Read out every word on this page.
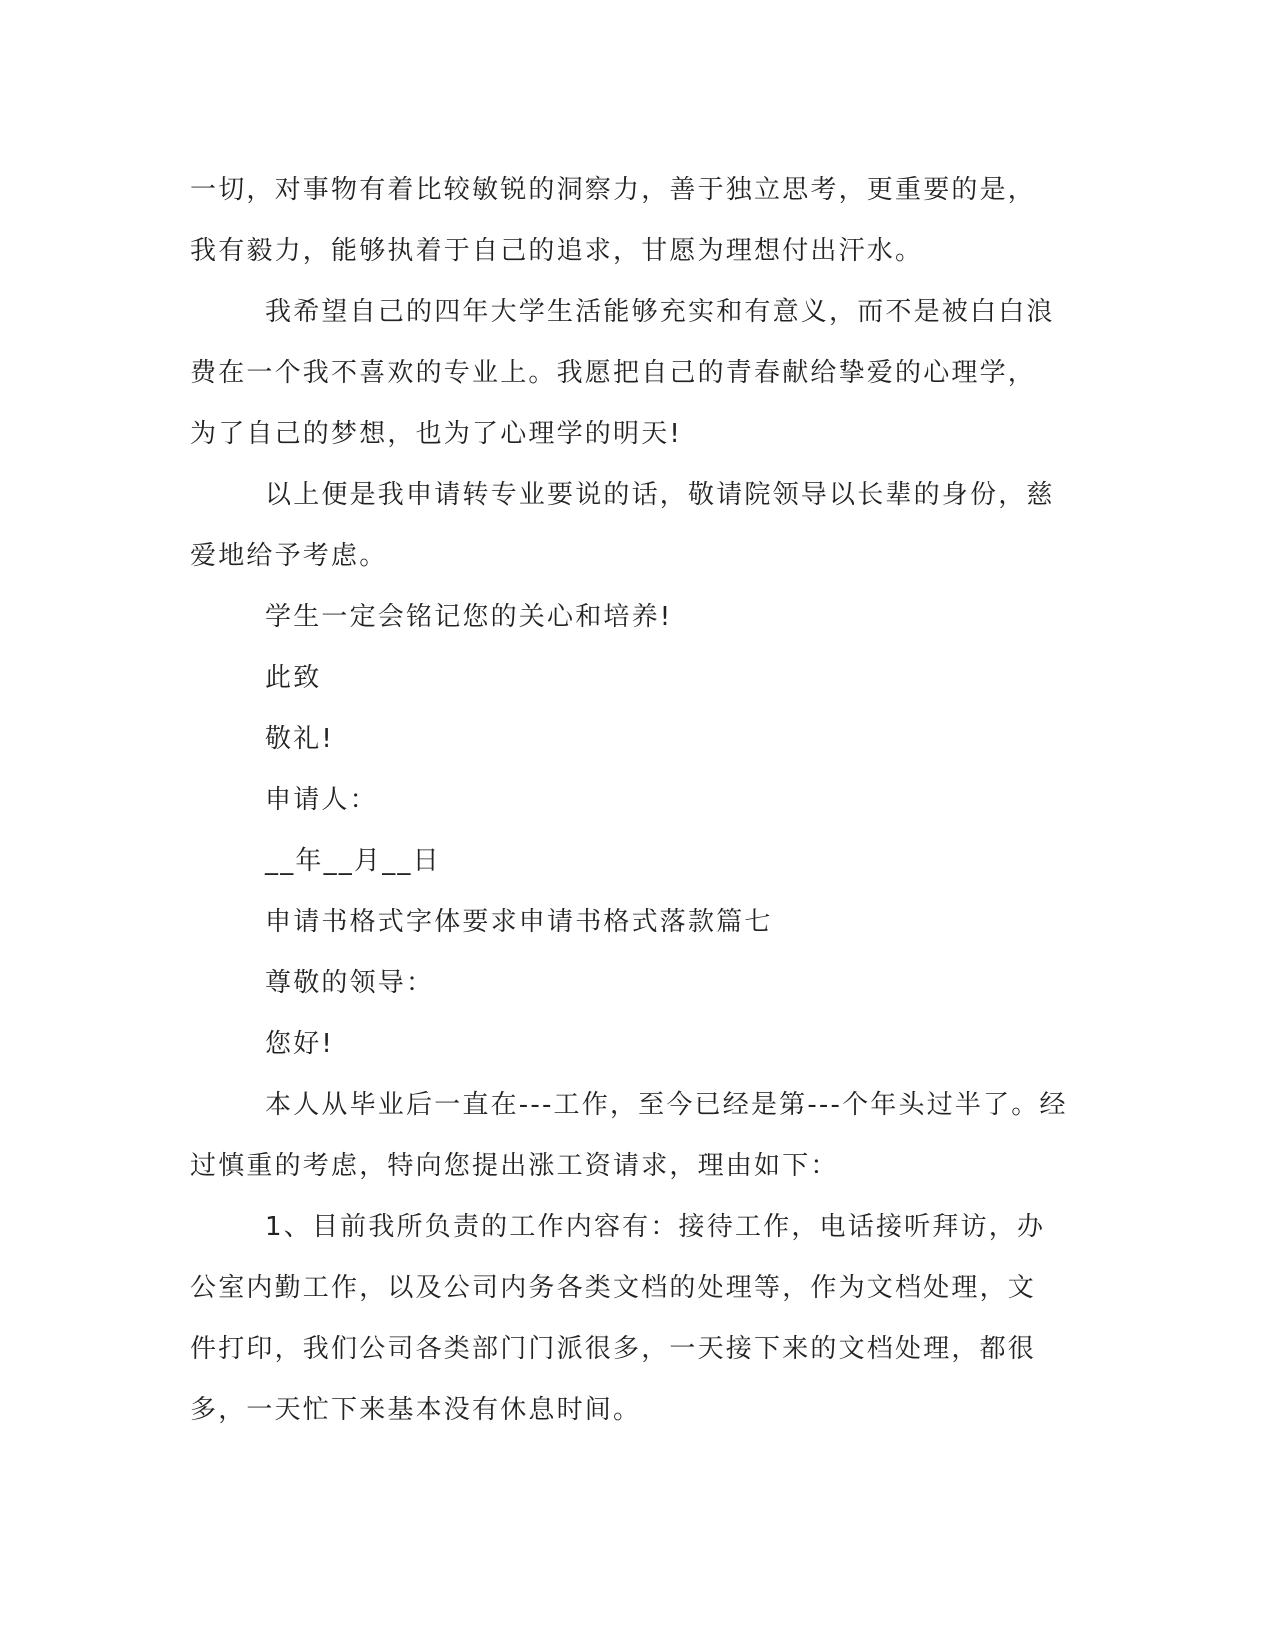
一切，对事物有着比较敏锐的洞察力，善于独立思考，更重要的是，
我有毅力，能够执着于自己的追求，甘愿为理想付出汗水。
我希望自己的四年大学生活能够充实和有意义，而不是被白白浪
费在一个我不喜欢的专业上。我愿把自己的青春献给挚爱的心理学，
为了自己的梦想，也为了心理学的明天!
以上便是我申请转专业要说的话，敬请院领导以长辈的身份，慈
爱地给予考虑。
学生一定会铭记您的关心和培养!
此致
敬礼!
申请人：
__年__月__日
申请书格式字体要求申请书格式落款篇七
尊敬的领导：
您好!
本人从毕业后一直在---工作，至今已经是第---个年头过半了。经
过慎重的考虑，特向您提出涨工资请求，理由如下：
1、目前我所负责的工作内容有：接待工作，电话接听拜访，办
公室内勤工作，以及公司内务各类文档的处理等，作为文档处理，文
件打印，我们公司各类部门门派很多，一天接下来的文档处理，都很
多，一天忙下来基本没有休息时间。
